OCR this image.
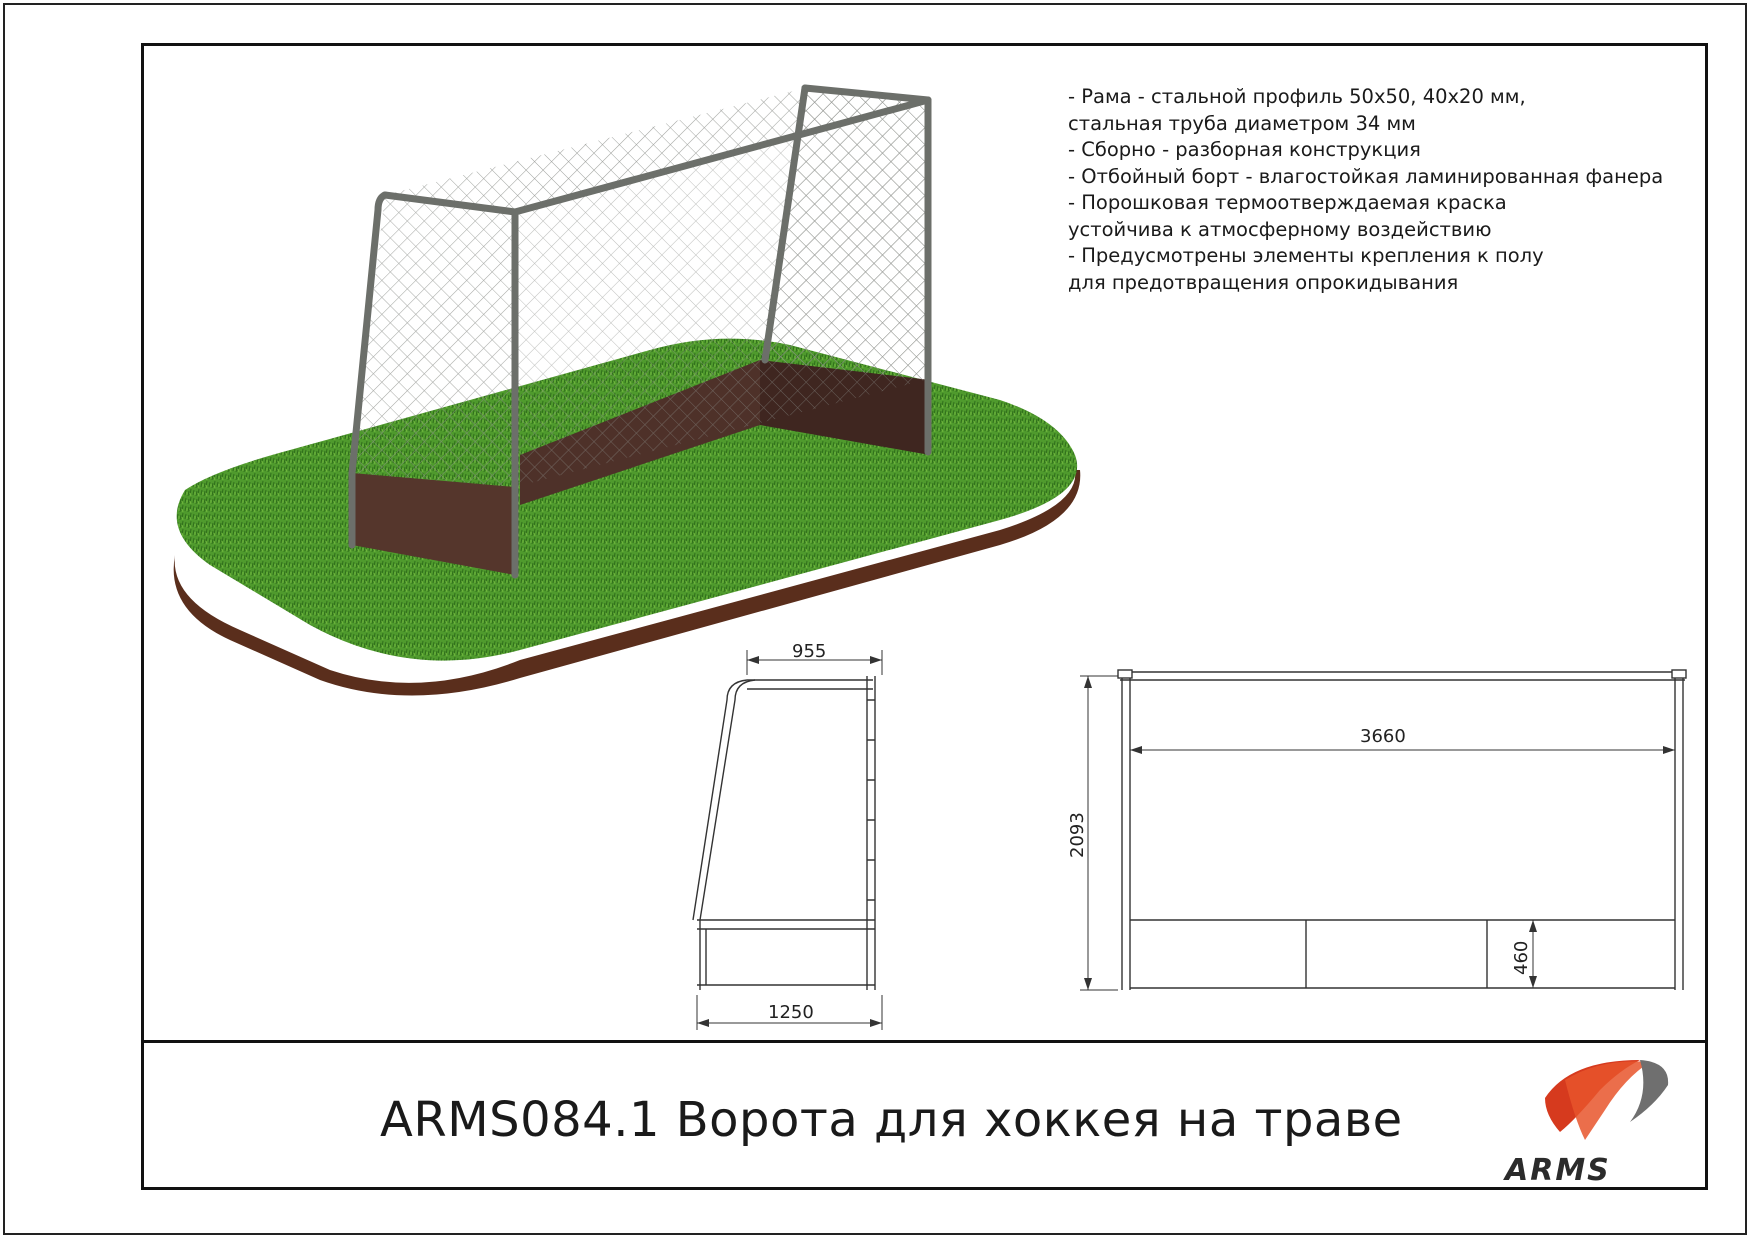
955
1250
3660
2093
460
ARMS
- Рама - стальной профиль 50х50, 40х20 мм,
стальная труба диаметром 34 мм
- Сборно - разборная конструкция
- Отбойный борт - влагостойкая ламинированная фанера
- Порошковая термоотверждаемая краска
устойчива к атмосферному воздействию
- Предусмотрены элементы крепления к полу
для предотвращения опрокидывания
ARMS084.1 Ворота для хоккея на траве
